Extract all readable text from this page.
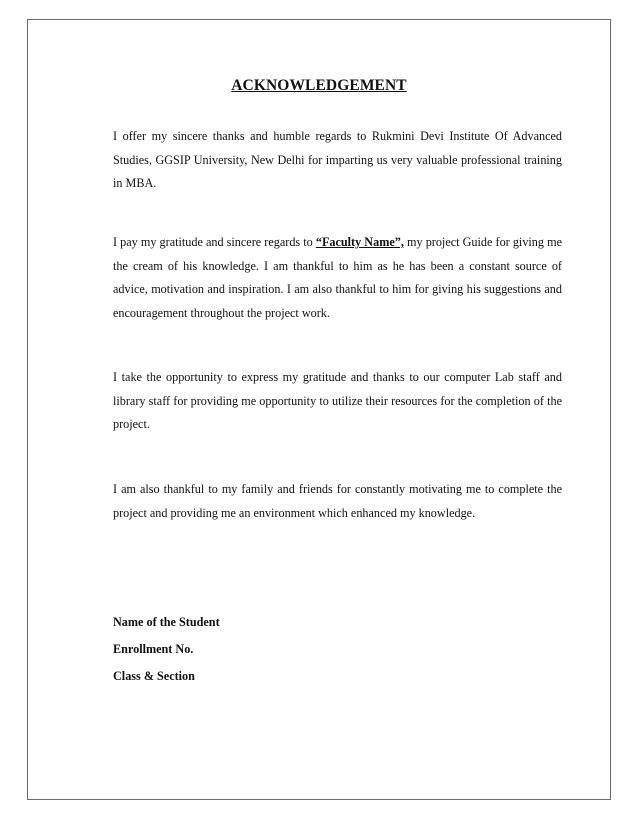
ACKNOWLEDGEMENT
I offer my sincere thanks and humble regards to Rukmini Devi Institute Of Advanced Studies, GGSIP University, New Delhi for imparting us very valuable professional training in MBA.
I pay my gratitude and sincere regards to “Faculty Name”, my project Guide for giving me the cream of his knowledge. I am thankful to him as he has been a constant source of advice, motivation and inspiration. I am also thankful to him for giving his suggestions and encouragement throughout the project work.
I take the opportunity to express my gratitude and thanks to our computer Lab staff and library staff for providing me opportunity to utilize their resources for the completion of the project.
I am also thankful to my family and friends for constantly motivating me to complete the project and providing me an environment which enhanced my knowledge.
Name of the Student
Enrollment No.
Class & Section
